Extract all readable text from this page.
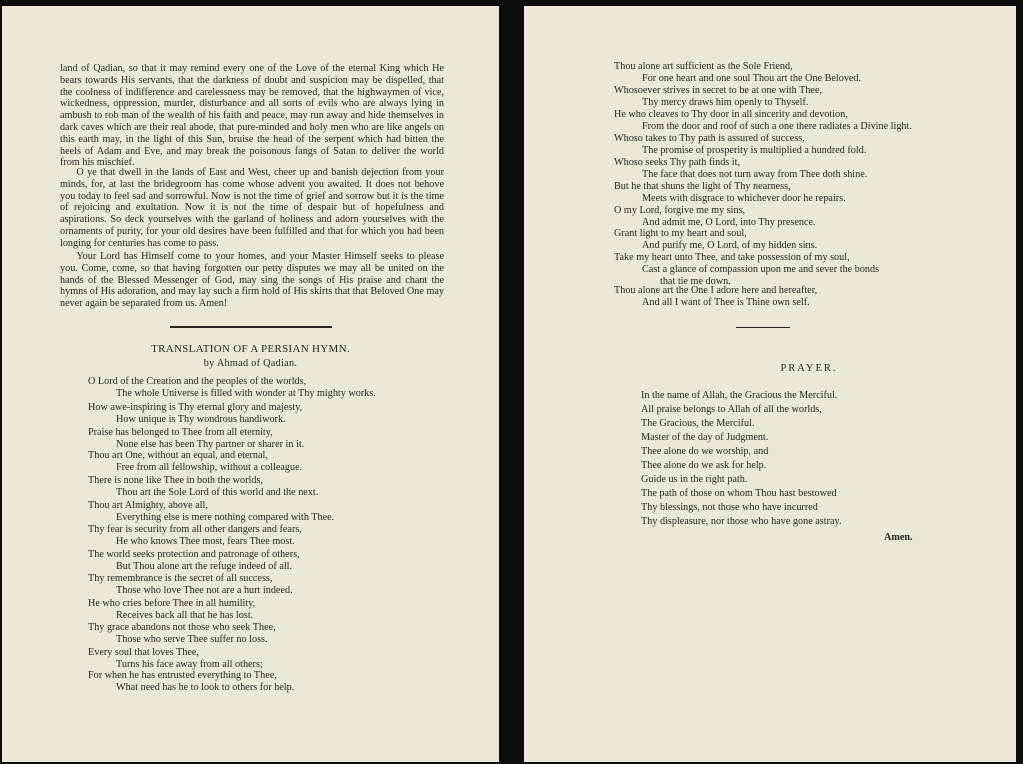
land of Qadian, so that it may remind every one of the Love of the eternal King which He bears towards His servants, that the darkness of doubt and suspicion may be dispelled, that the coolness of indifference and carelessness may be removed, that the highwaymen of vice, wickedness, oppression, murder, disturbance and all sorts of evils who are always lying in ambush to rob man of the wealth of his faith and peace, may run away and hide themselves in dark caves which are their real abode, that pure-minded and holy men who are like angels on this earth may, in the light of this Sun, bruise the head of the serpent which had bitten the heels of Adam and Eve, and may break the poisonous fangs of Satan to deliver the world from his mischief.

O ye that dwell in the lands of East and West, cheer up and banish dejection from your minds, for, at last the bridegroom has come whose advent you awaited. It does not behove you today to feel sad and sorrowful. Now is not the time of grief and sorrow but it is the time of rejoicing and exultation. Now it is not the time of despair but of hopefulness and aspirations. So deck yourselves with the garland of holiness and adorn yourselves with the ornaments of purity, for your old desires have been fulfilled and that for which you had been longing for centuries has come to pass.

Your Lord has Himself come to your homes, and your Master Himself seeks to please you. Come, come, so that having forgotten our petty disputes we may all be united on the hands of the Blessed Messenger of God, may sing the songs of His praise and chant the hymns of His adoration, and may lay such a firm hold of His skirts that that Beloved One may never again be separated from us. Amen!

TRANSLATION OF A PERSIAN HYMN.

by Ahmad of Qadian.

O Lord of the Creation and the peoples of the worlds,
The whole Universe is filled with wonder at Thy mighty works.
How awe-inspiring is Thy eternal glory and majesty,
How unique is Thy wondrous handiwork.
Praise has belonged to Thee from all eternity,
None else has been Thy partner or sharer in it.
Thou art One, without an equal, and eternal,
Free from all fellowship, without a colleague.
There is none like Thee in both the worlds,
Thou art the Sole Lord of this world and the next.
Thou art Almighty, above all,
Everything else is mere nothing compared with Thee.
Thy fear is security from all other dangers and fears,
He who knows Thee most, fears Thee most.
The world seeks protection and patronage of others,
But Thou alone art the refuge indeed of all.
Thy remembrance is the secret of all success,
Those who love Thee not are a hurt indeed.
He who cries before Thee in all humility,
Receives back all that he has lost.
Thy grace abandons not those who seek Thee,
Those who serve Thee suffer no loss.
Every soul that loves Thee,
Turns his face away from all others;
For when he has entrusted everything to Thee,
What need has he to look to others for help.
Thou alone art sufficient as the Sole Friend,
For one heart and one soul Thou art the One Beloved.
Whosoever strives in secret to be at one with Thee,
Thy mercy draws him openly to Thyself.
He who cleaves to Thy door in all sincerity and devotion,
From the door and roof of such a one there radiates a Divine light.
Whoso takes to Thy path is assured of success,
The promise of prosperity is multiplied a hundred fold.
Whoso seeks Thy path finds it,
The face that does not turn away from Thee doth shine.
But he that shuns the light of Thy nearness,
Meets with disgrace to whichever door he repairs.
O my Lord, forgive me my sins,
And admit me, O Lord, into Thy presence.
Grant light to my heart and soul,
And purify me, O Lord, of my hidden sins.
Take my heart unto Thee, and take possession of my soul,
Cast a glance of compassion upon me and sever the bonds
that tie me down.
Thou alone art the One I adore here and hereafter,
And all I want of Thee is Thine own self.

PRAYER.

In the name of Allah, the Gracious the Merciful.

All praise belongs to Allah of all the worlds,

The Gracious, the Merciful.

Master of the day of Judgment.

Thee alone do we worship, and

Thee alone do we ask for help.

Guide us in the right path.

The path of those on whom Thou hast bestowed

Thy blessings, not those who have incurred

Thy displeasure, nor those who have gone astray.

Amen.
